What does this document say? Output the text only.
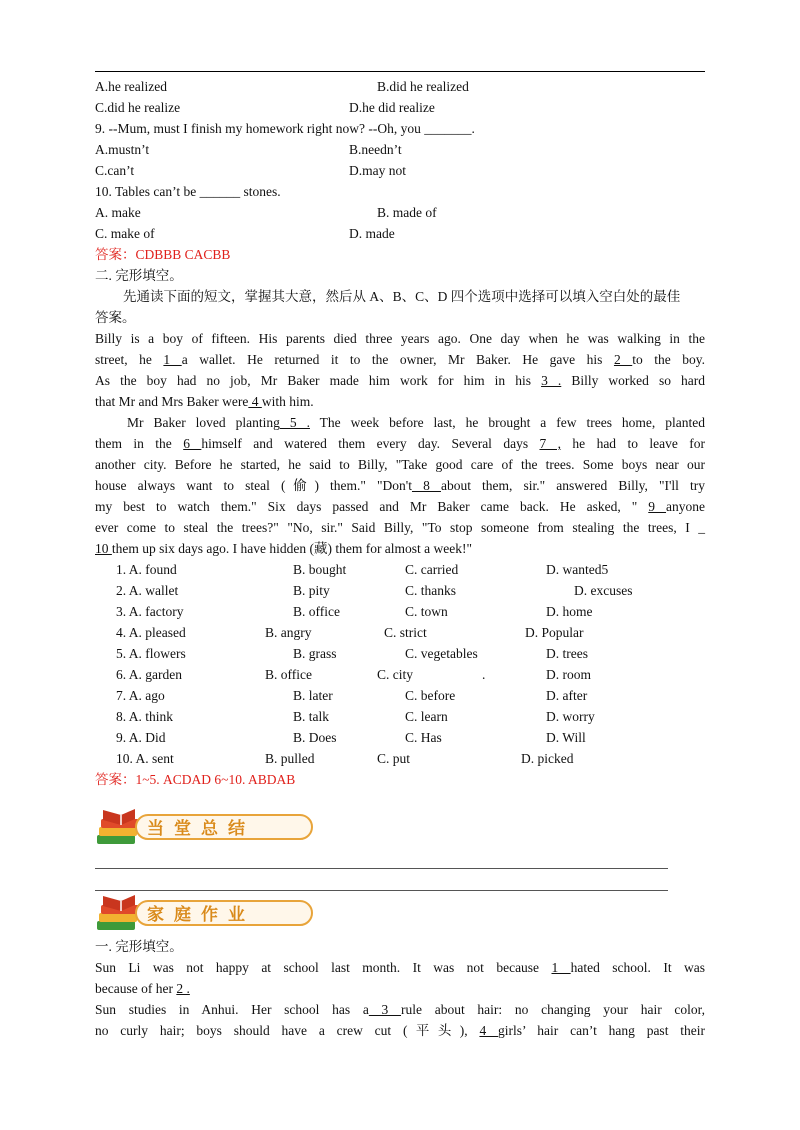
A.he realized	B.did he realized
C.did he realize	D.he did realize
9. --Mum, must I finish my homework right now? --Oh, you _______.
A.mustn’t	B.needn’t
C.can’t	D.may not
10. Tables can’t be ______ stones.
A. make	B. made of
C. make of	D. made
答案：CDBBB CACBB
二. 完形填空。
先通读下面的短文，掌握其大意，然后从 A、B、C、D 四个选项中选择可以填入空白处的最佳
答案。
Billy is a boy of fifteen. His parents died three years ago. One day when he was walking in the
street, he 1 a wallet. He returned it to the owner, Mr Baker. He gave his 2 to the boy.
As the boy had no job, Mr Baker made him work for him in his 3 . Billy worked so hard
that Mr and Mrs Baker were 4 with him.
Mr Baker loved planting 5 . The week before last, he brought a few trees home, planted
them in the 6 himself and watered them every day. Several days 7 , he had to leave for
another city. Before he started, he said to Billy, "Take good care of the trees. Some boys near our
house always want to steal (偷) them." "Don't 8 about them, sir." answered Billy, "I'll try
my best to watch them." Six days passed and Mr Baker came back. He asked, " 9 anyone
ever come to steal the trees?" "No, sir." Said Billy, "To stop someone from stealing the trees, I _
10 them up six days ago. I have hidden (藏) them for almost a week!"
1. A. found	B. bought	C. carried	D. wanted5
2. A. wallet	B. pity	C. thanks	D. excuses
3. A. factory	B. office	C. town	D. home
4. A. pleased	B. angry	C. strict	D. Popular
5. A. flowers	B. grass	C. vegetables	D. trees
6. A. garden	B. office	C. city	.	D. room
7. A. ago	B. later	C. before	D. after
8. A. think	B. talk	C. learn	D. worry
9. A. Did	B. Does	C. Has	D. Will
10. A. sent	B. pulled	C. put	D. picked
答案：1~5. ACDAD 6~10. ABDAB
当堂总结
家庭作业
一. 完形填空。
Sun Li was not happy at school last month. It was not because 1 hated school. It was
because of her 2 .
Sun studies in Anhui. Her school has a 3 rule about hair: no changing your hair color,
no curly hair; boys should have a crew cut (平头), 4 girls’ hair can’t hang past their
